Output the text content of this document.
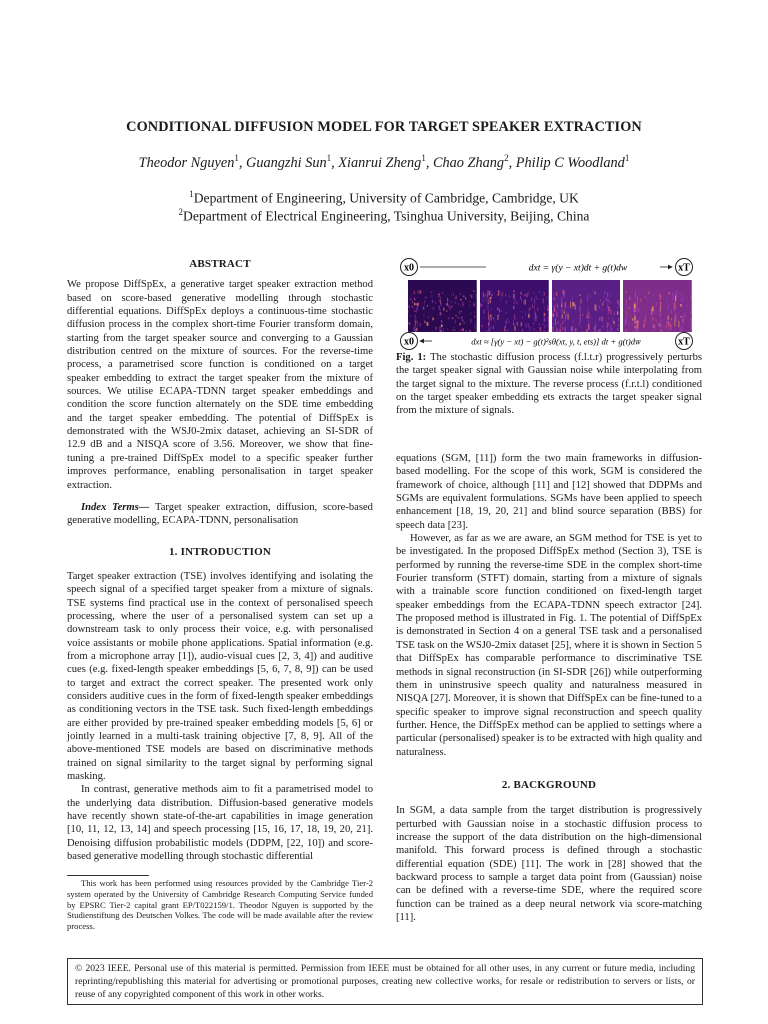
CONDITIONAL DIFFUSION MODEL FOR TARGET SPEAKER EXTRACTION
Theodor Nguyen$^1$, Guangzhi Sun$^1$, Xianrui Zheng$^1$, Chao Zhang$^2$, Philip C Woodland$^1$
$^1$Department of Engineering, University of Cambridge, Cambridge, UK
$^2$Department of Electrical Engineering, Tsinghua University, Beijing, China

ABSTRACT

We propose DiffSpEx, a generative target speaker extraction method based on score-based generative modelling through stochastic differential equations. DiffSpEx deploys a continuous-time stochastic diffusion process in the complex short-time Fourier transform domain, starting from the target speaker source and converging to a Gaussian distribution centred on the mixture of sources. For the reverse-time process, a parametrised score function is conditioned on a target speaker embedding to extract the target speaker from the mixture of sources. We utilise ECAPA-TDNN target speaker embeddings and condition the score function alternately on the SDE time embedding and the target speaker embedding. The potential of DiffSpEx is demonstrated with the WSJ0-2mix dataset, achieving an SI-SDR of 12.9 dB and a NISQA score of 3.56. Moreover, we show that fine-tuning a pre-trained DiffSpEx model to a specific speaker further improves performance, enabling personalisation in target speaker extraction.

Index Terms— Target speaker extraction, diffusion, score-based generative modelling, ECAPA-TDNN, personalisation

1. INTRODUCTION

Target speaker extraction (TSE) involves identifying and isolating the speech signal of a specified target speaker from a mixture of signals. TSE systems find practical use in the context of personalised speech processing, where the user of a personalised system can set up a downstream task to only process their voice, e.g. with personalised voice assistants or mobile phone applications. Spatial information (e.g. from a microphone array [1]), audio-visual cues [2, 3, 4]) and auditive cues (e.g. fixed-length speaker embeddings [5, 6, 7, 8, 9]) can be used to target and extract the correct speaker. The presented work only considers auditive cues in the form of fixed-length speaker embeddings as conditioning vectors in the TSE task. Such fixed-length embeddings are either provided by pre-trained speaker embedding models [5, 6] or jointly learned in a multi-task training objective [7, 8, 9]. All of the above-mentioned TSE models are based on discriminative methods trained on signal similarity to the target signal by performing signal masking.

In contrast, generative methods aim to fit a parametrised model to the underlying data distribution. Diffusion-based generative models have recently shown state-of-the-art capabilities in image generation [10, 11, 12, 13, 14] and speech processing [15, 16, 17, 18, 19, 20, 21]. Denoising diffusion probabilistic models (DDPM, [22, 10]) and score-based generative modelling through stochastic differential

This work has been performed using resources provided by the Cambridge Tier-2 system operated by the University of Cambridge Research Computing Service funded by EPSRC Tier-2 capital grant EP/T022159/1. Theodor Nguyen is supported by the Studienstiftung des Deutschen Volkes. The code will be made available after the review process.
x0	dxt = γ(y − xt)dt + g(t)dw	xT
x0	dxt ≈ [γ(y − xt) − g(t)²sθ(xt, y, t, ets)] dt + g(t)dw̄	xT
Fig. 1: The stochastic diffusion process (f.l.t.r) progressively perturbs the target speaker signal with Gaussian noise while interpolating from the target signal to the mixture. The reverse process (f.r.t.l) conditioned on the target speaker embedding ets extracts the target speaker signal from the mixture of signals.

equations (SGM, [11]) form the two main frameworks in diffusion-based modelling. For the scope of this work, SGM is considered the framework of choice, although [11] and [12] showed that DDPMs and SGMs are equivalent formulations. SGMs have been applied to speech enhancement [18, 19, 20, 21] and blind source separation (BBS) for speech data [23].

However, as far as we are aware, an SGM method for TSE is yet to be investigated. In the proposed DiffSpEx method (Section 3), TSE is performed by running the reverse-time SDE in the complex short-time Fourier transform (STFT) domain, starting from a mixture of signals with a trainable score function conditioned on fixed-length target speaker embeddings from the ECAPA-TDNN speech extractor [24]. The proposed method is illustrated in Fig. 1. The potential of DiffSpEx is demonstrated in Section 4 on a general TSE task and a personalised TSE task on the WSJ0-2mix dataset [25], where it is shown in Section 5 that DiffSpEx has comparable performance to discriminative TSE methods in signal reconstruction (in SI-SDR [26]) while outperforming them in uninstrusive speech quality and naturalness measured in NISQA [27]. Moreover, it is shown that DiffSpEx can be fine-tuned to a specific speaker to improve signal reconstruction and speech quality further. Hence, the DiffSpEx method can be applied to settings where a particular (personalised) speaker is to be extracted with high quality and naturalness.

2. BACKGROUND

In SGM, a data sample from the target distribution is progressively perturbed with Gaussian noise in a stochastic diffusion process to increase the support of the data distribution on the high-dimensional manifold. This forward process is defined through a stochastic differential equation (SDE) [11]. The work in [28] showed that the backward process to sample a target data point from (Gaussian) noise can be defined with a reverse-time SDE, where the required score function can be trained as a deep neural network via score-matching [11].

© 2023 IEEE. Personal use of this material is permitted. Permission from IEEE must be obtained for all other uses, in any current or future media, including reprinting/republishing this material for advertising or promotional purposes, creating new collective works, for resale or redistribution to servers or lists, or reuse of any copyrighted component of this work in other works.
